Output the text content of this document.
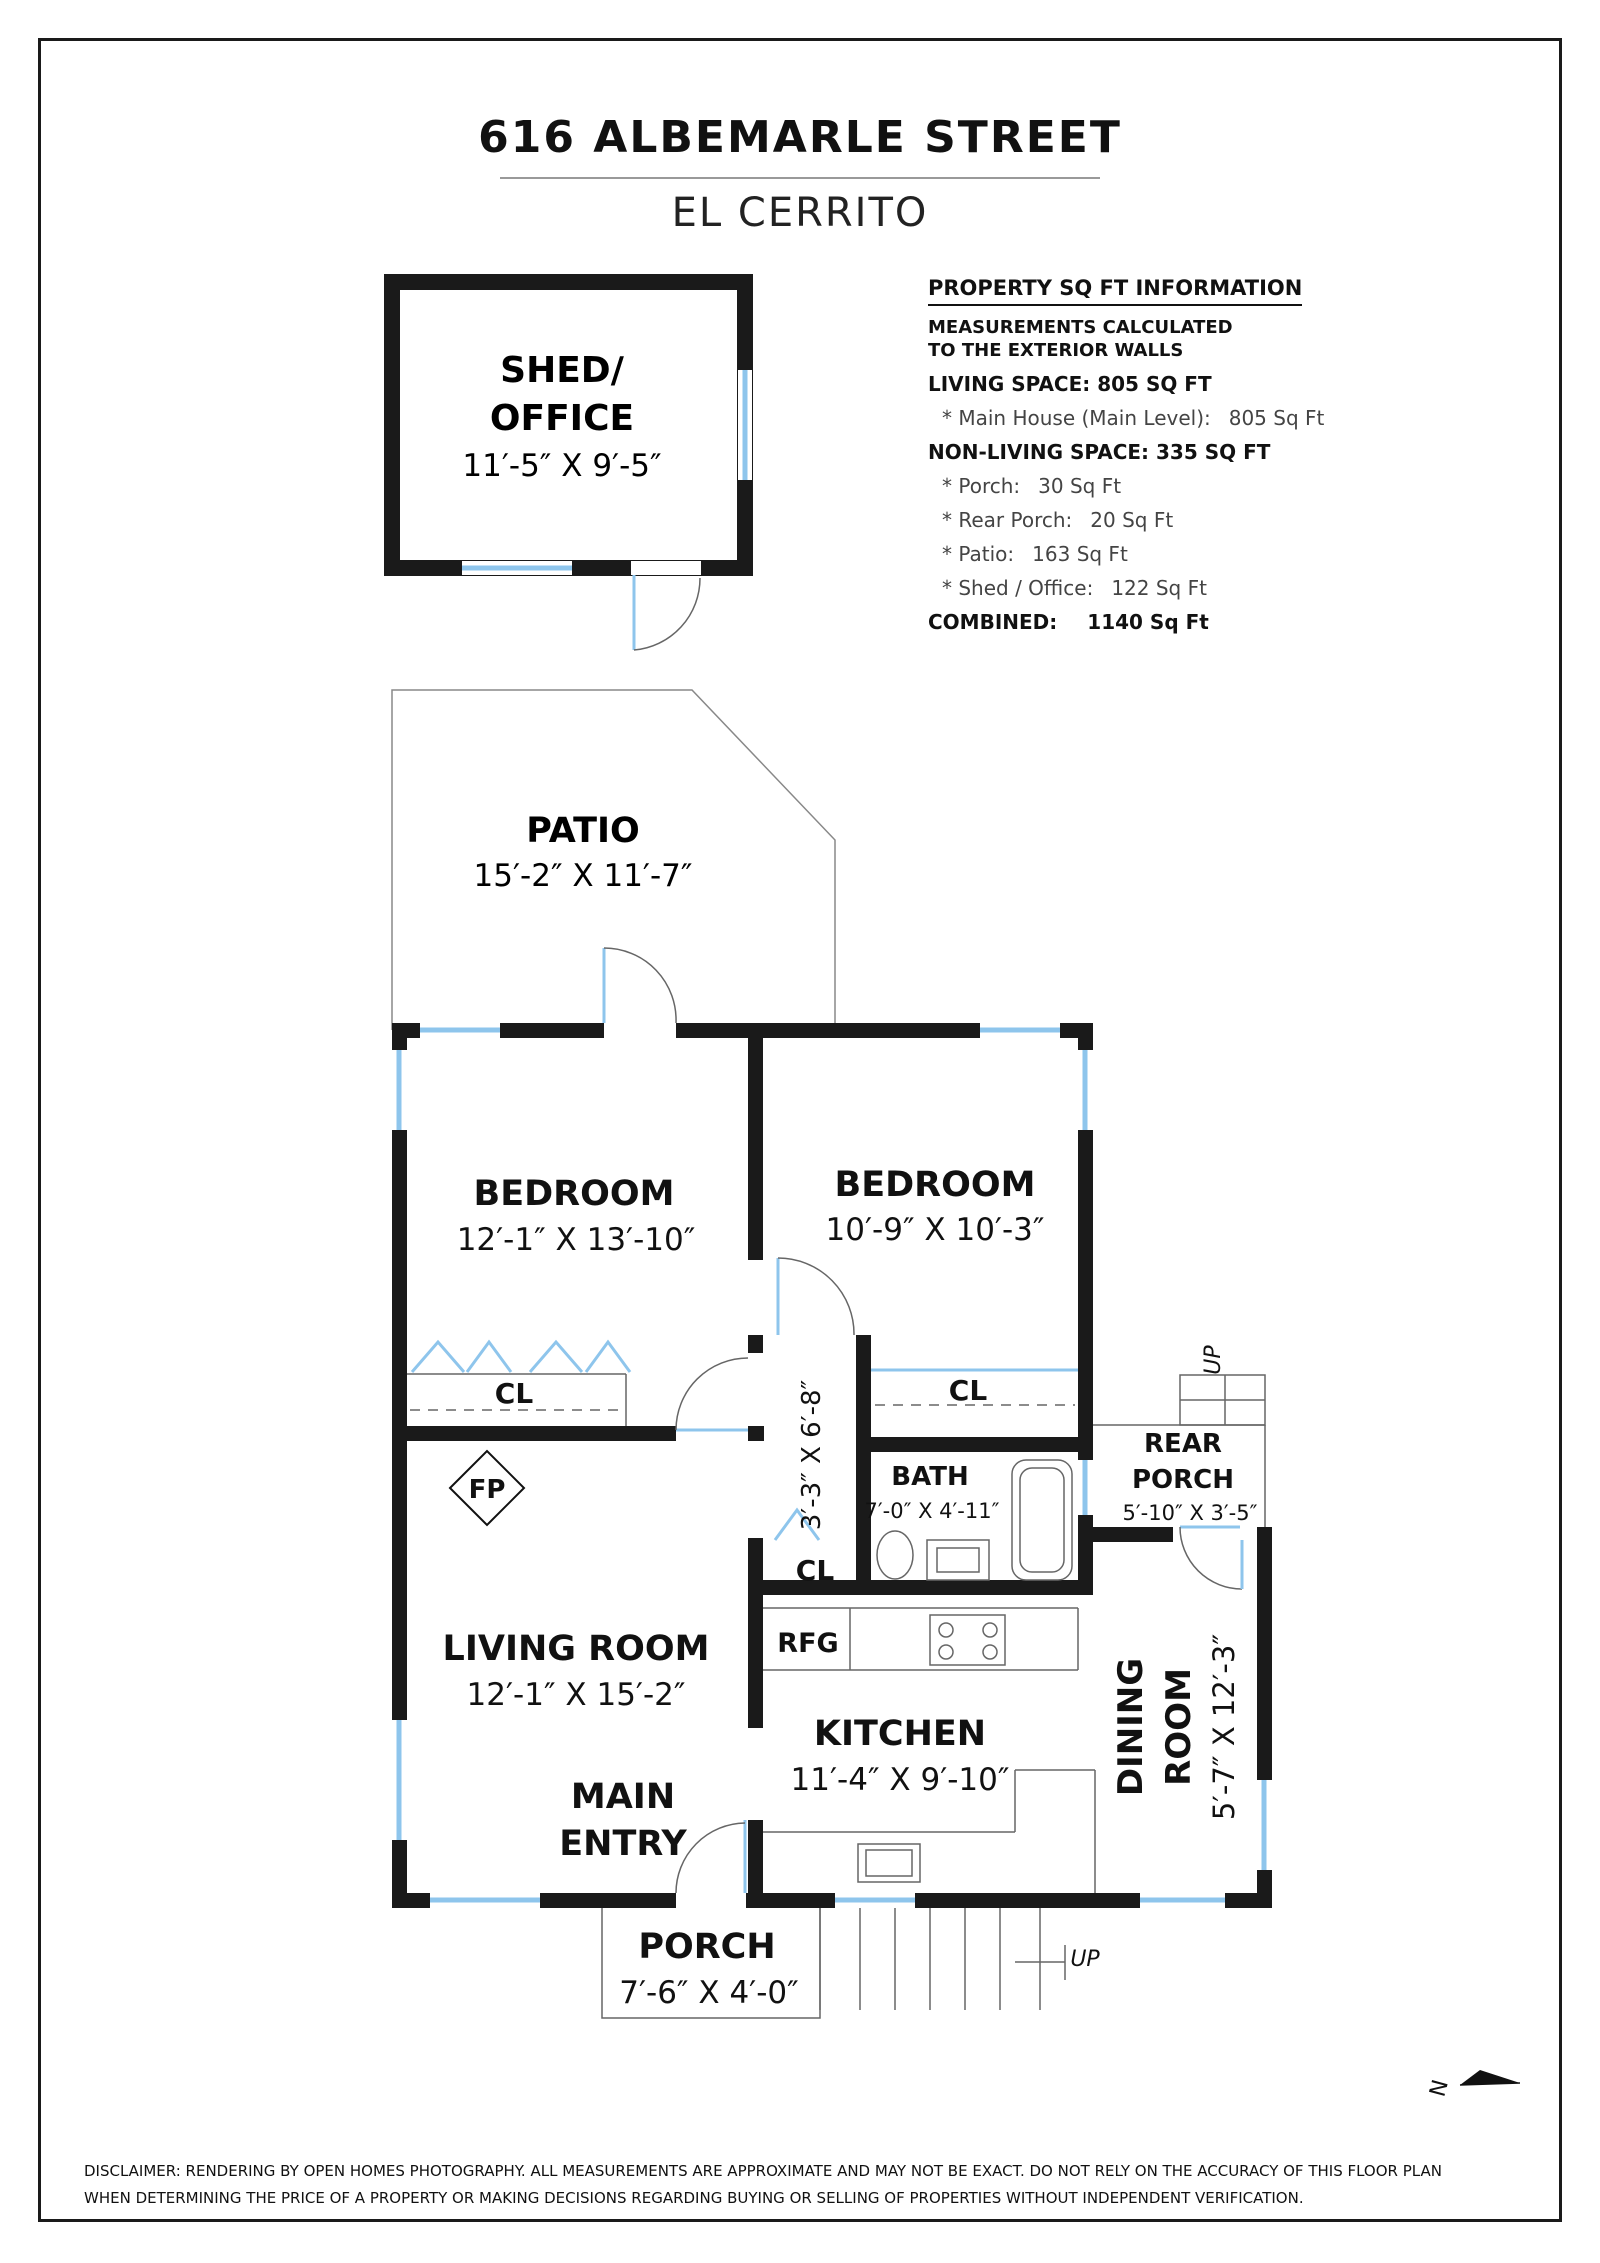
616 ALBEMARLE STREET
EL CERRITO
PROPERTY SQ FT INFORMATION
MEASUREMENTS CALCULATED TO THE EXTERIOR WALLS
LIVING SPACE: 805 SQ FT
* Main House (Main Level): 805 Sq Ft
NON-LIVING SPACE: 335 SQ FT
* Porch: 30 Sq Ft
* Rear Porch: 20 Sq Ft
* Patio: 163 Sq Ft
* Shed / Office: 122 Sq Ft
COMBINED: 1140 Sq Ft
SHED/
OFFICE
11′-5″ X 9′-5″
PATIO
15′-2″ X 11′-7″
BEDROOM
12′-1″ X 13′-10″
BEDROOM
10′-9″ X 10′-3″
CL	CL
CL
3′-3″ X 6′-8″ BATH
7′-0″ X 4′-11″
REAR
PORCH
5′-10″ X 3′-5″
FP
LIVING ROOM
12′-1″ X 15′-2″
RFG
KITCHEN
11′-4″ X 9′-10″	DINING ROOM 5′-7″ X 12′-3″
MAIN
ENTRY
PORCH
7′-6″ X 4′-0″
UP
UP
N
DISCLAIMER: RENDERING BY OPEN HOMES PHOTOGRAPHY. ALL MEASUREMENTS ARE APPROXIMATE AND MAY NOT BE EXACT. DO NOT RELY ON THE ACCURACY OF THIS FLOOR PLAN
WHEN DETERMINING THE PRICE OF A PROPERTY OR MAKING DECISIONS REGARDING BUYING OR SELLING OF PROPERTIES WITHOUT INDEPENDENT VERIFICATION.
